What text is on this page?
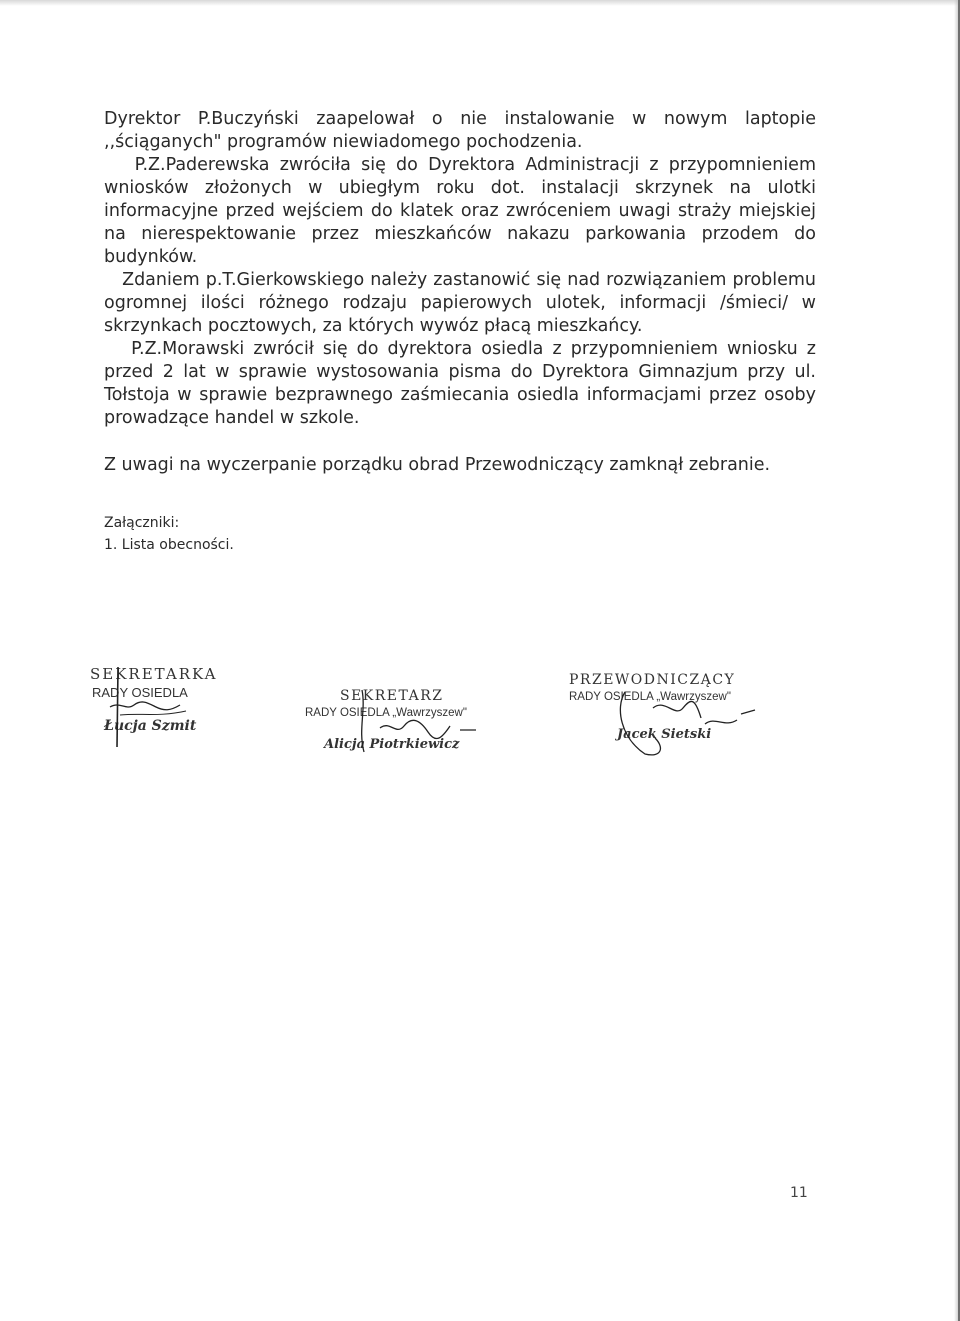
Dyrektor P.Buczyński zaapelował o nie instalowanie w nowym laptopie ,,ściąganych" programów niewiadomego pochodzenia.
P.Z.Paderewska zwróciła się do Dyrektora Administracji z przypomnieniem wniosków złożonych w ubiegłym roku dot. instalacji skrzynek na ulotki informacyjne przed wejściem do klatek oraz zwróceniem uwagi straży miejskiej na nierespektowanie przez mieszkańców nakazu parkowania przodem do budynków.
Zdaniem p.T.Gierkowskiego należy zastanowić się nad rozwiązaniem problemu ogromnej ilości różnego rodzaju papierowych ulotek, informacji /śmieci/ w skrzynkach pocztowych, za których wywóz płacą mieszkańcy.
P.Z.Morawski zwrócił się do dyrektora osiedla z przypomnieniem wniosku z przed 2 lat w sprawie wystosowania pisma do Dyrektora Gimnazjum przy ul. Tołstoja w sprawie bezprawnego zaśmiecania osiedla informacjami przez osoby prowadzące handel w szkole.

Z uwagi na wyczerpanie porządku obrad Przewodniczący zamknął zebranie.

Załączniki:

1. Lista obecności.

SEKRETARKA
RADY OSIEDLA
Łucja Szmit
SEKRETARZ
RADY OSIEDLA „Wawrzyszew"
Alicja Piotrkiewicz
PRZEWODNICZĄCY
RADY OSIEDLA „Wawrzyszew"
Jacek Sietski
11
